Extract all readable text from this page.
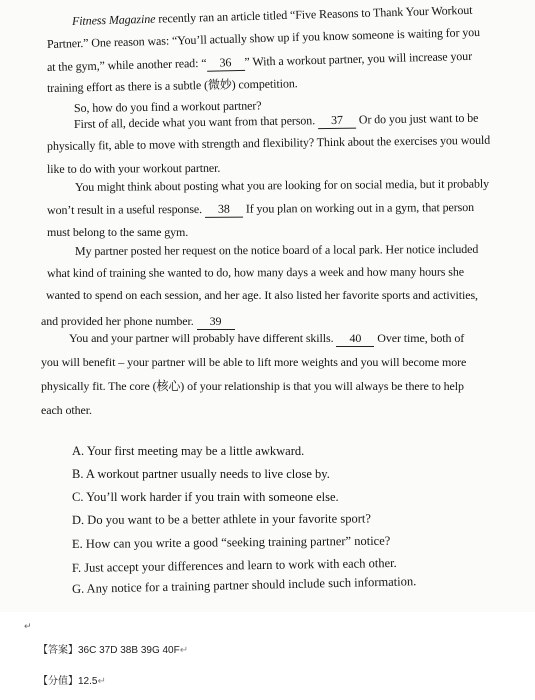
Fitness Magazine recently ran an article titled “Five Reasons to Thank Your Workout
Partner.” One reason was: “You’ll actually show up if you know someone is waiting for you
at the gym,” while another read: “ 36 ” With a workout partner, you will increase your
training effort as there is a subtle (微妙) competition.
So, how do you find a workout partner?
First of all, decide what you want from that person. 37 Or do you just want to be
physically fit, able to move with strength and flexibility? Think about the exercises you would
like to do with your workout partner.
You might think about posting what you are looking for on social media, but it probably
won’t result in a useful response. 38 If you plan on working out in a gym, that person
must belong to the same gym.
My partner posted her request on the notice board of a local park. Her notice included
what kind of training she wanted to do, how many days a week and how many hours she
wanted to spend on each session, and her age. It also listed her favorite sports and activities,
and provided her phone number. 39
You and your partner will probably have different skills. 40 Over time, both of
you will benefit – your partner will be able to lift more weights and you will become more
physically fit. The core (核心) of your relationship is that you will always be there to help
each other.
A. Your first meeting may be a little awkward.
B. A workout partner usually needs to live close by.
C. You’ll work harder if you train with someone else.
D. Do you want to be a better athlete in your favorite sport?
E. How can you write a good “seeking training partner” notice?
F. Just accept your differences and learn to work with each other.
G. Any notice for a training partner should include such information.
↵
【答案】36C 37D 38B 39G 40F↵
【分值】12.5↵
